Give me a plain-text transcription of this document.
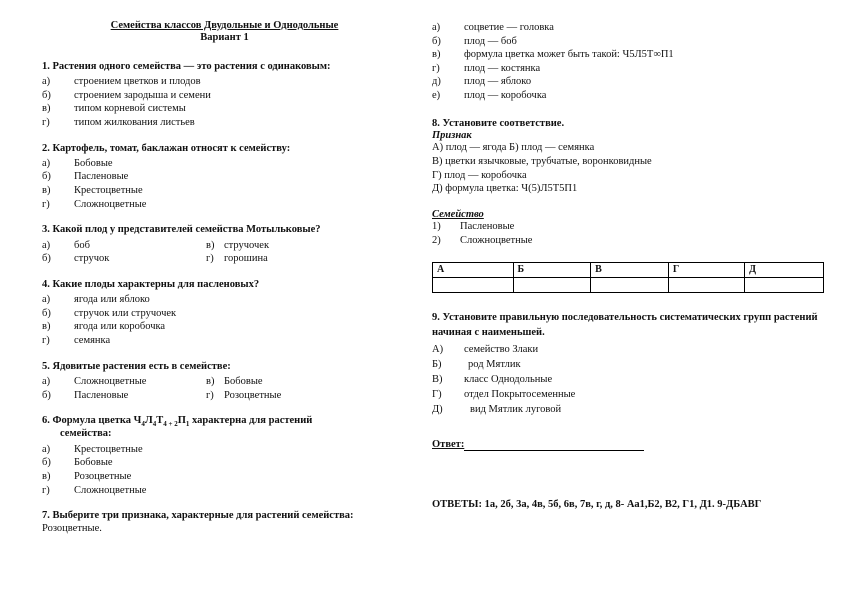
Семейства классов Двудольные и Однодольные
Вариант 1
1. Растения одного семейства — это растения с одинаковым:
а)	строением цветков и плодов
б)	строением зародыша и семени
в)	типом корневой системы
г)	типом жилкования листьев
2. Картофель, томат, баклажан относят к семейству:
а)	Бобовые
б)	Пасленовые
в)	Крестоцветные
г)	Сложноцветные
3. Какой плод у представителей семейства Мотыльковые?
а)	боб	в) стручочек
б)	стручок	г) горошина
4. Какие плоды характерны для пасленовых?
а)	ягода или яблоко
б)	стручок или стручочек
в)	ягода или коробочка
г)	семянка
5. Ядовитые растения есть в семействе:
а)	Сложноцветные	в) Бобовые
б)	Пасленовые	г) Розоцветные
6. Формула цветка $Ч_4Л_4Т_{4 + 2}П_1$ характерна для растений
семейства:
а)	Крестоцветные
б)	Бобовые
в)	Розоцветные
г)	Сложноцветные
7. Выберите три признака, характерные для растений семейства:
Розоцветные.
а)	соцветие — головка
б)	плод — боб
в)	формула цветка может быть такой: Ч5Л5Т∞П1
г)	плод — костянка
д)	плод — яблоко
е)	плод — коробочка
8. Установите соответствие.
Признак
А) плод — ягода Б) плод — семянка
В) цветки язычковые, трубчатые, воронковидные
Г) плод — коробочка
Д) формула цветка: Ч(5)Л5Т5П1
Семейство
1)	Пасленовые
2)	Сложноцветные
А	Б	В	Г	Д

9. Установите правильную последовательность систематических групп растений начиная с наименьшей.
А)	семейство Злаки
Б)	род Мятлик
В)	класс Однодольные
Г)	отдел Покрытосеменные
Д)	вид Мятлик луговой
Ответ:
ОТВЕТЫ: 1а, 2б, 3а, 4в, 5б, 6в, 7в, г, д, 8- Аа1,Б2, В2, Г1, Д1. 9-ДБАВГ
